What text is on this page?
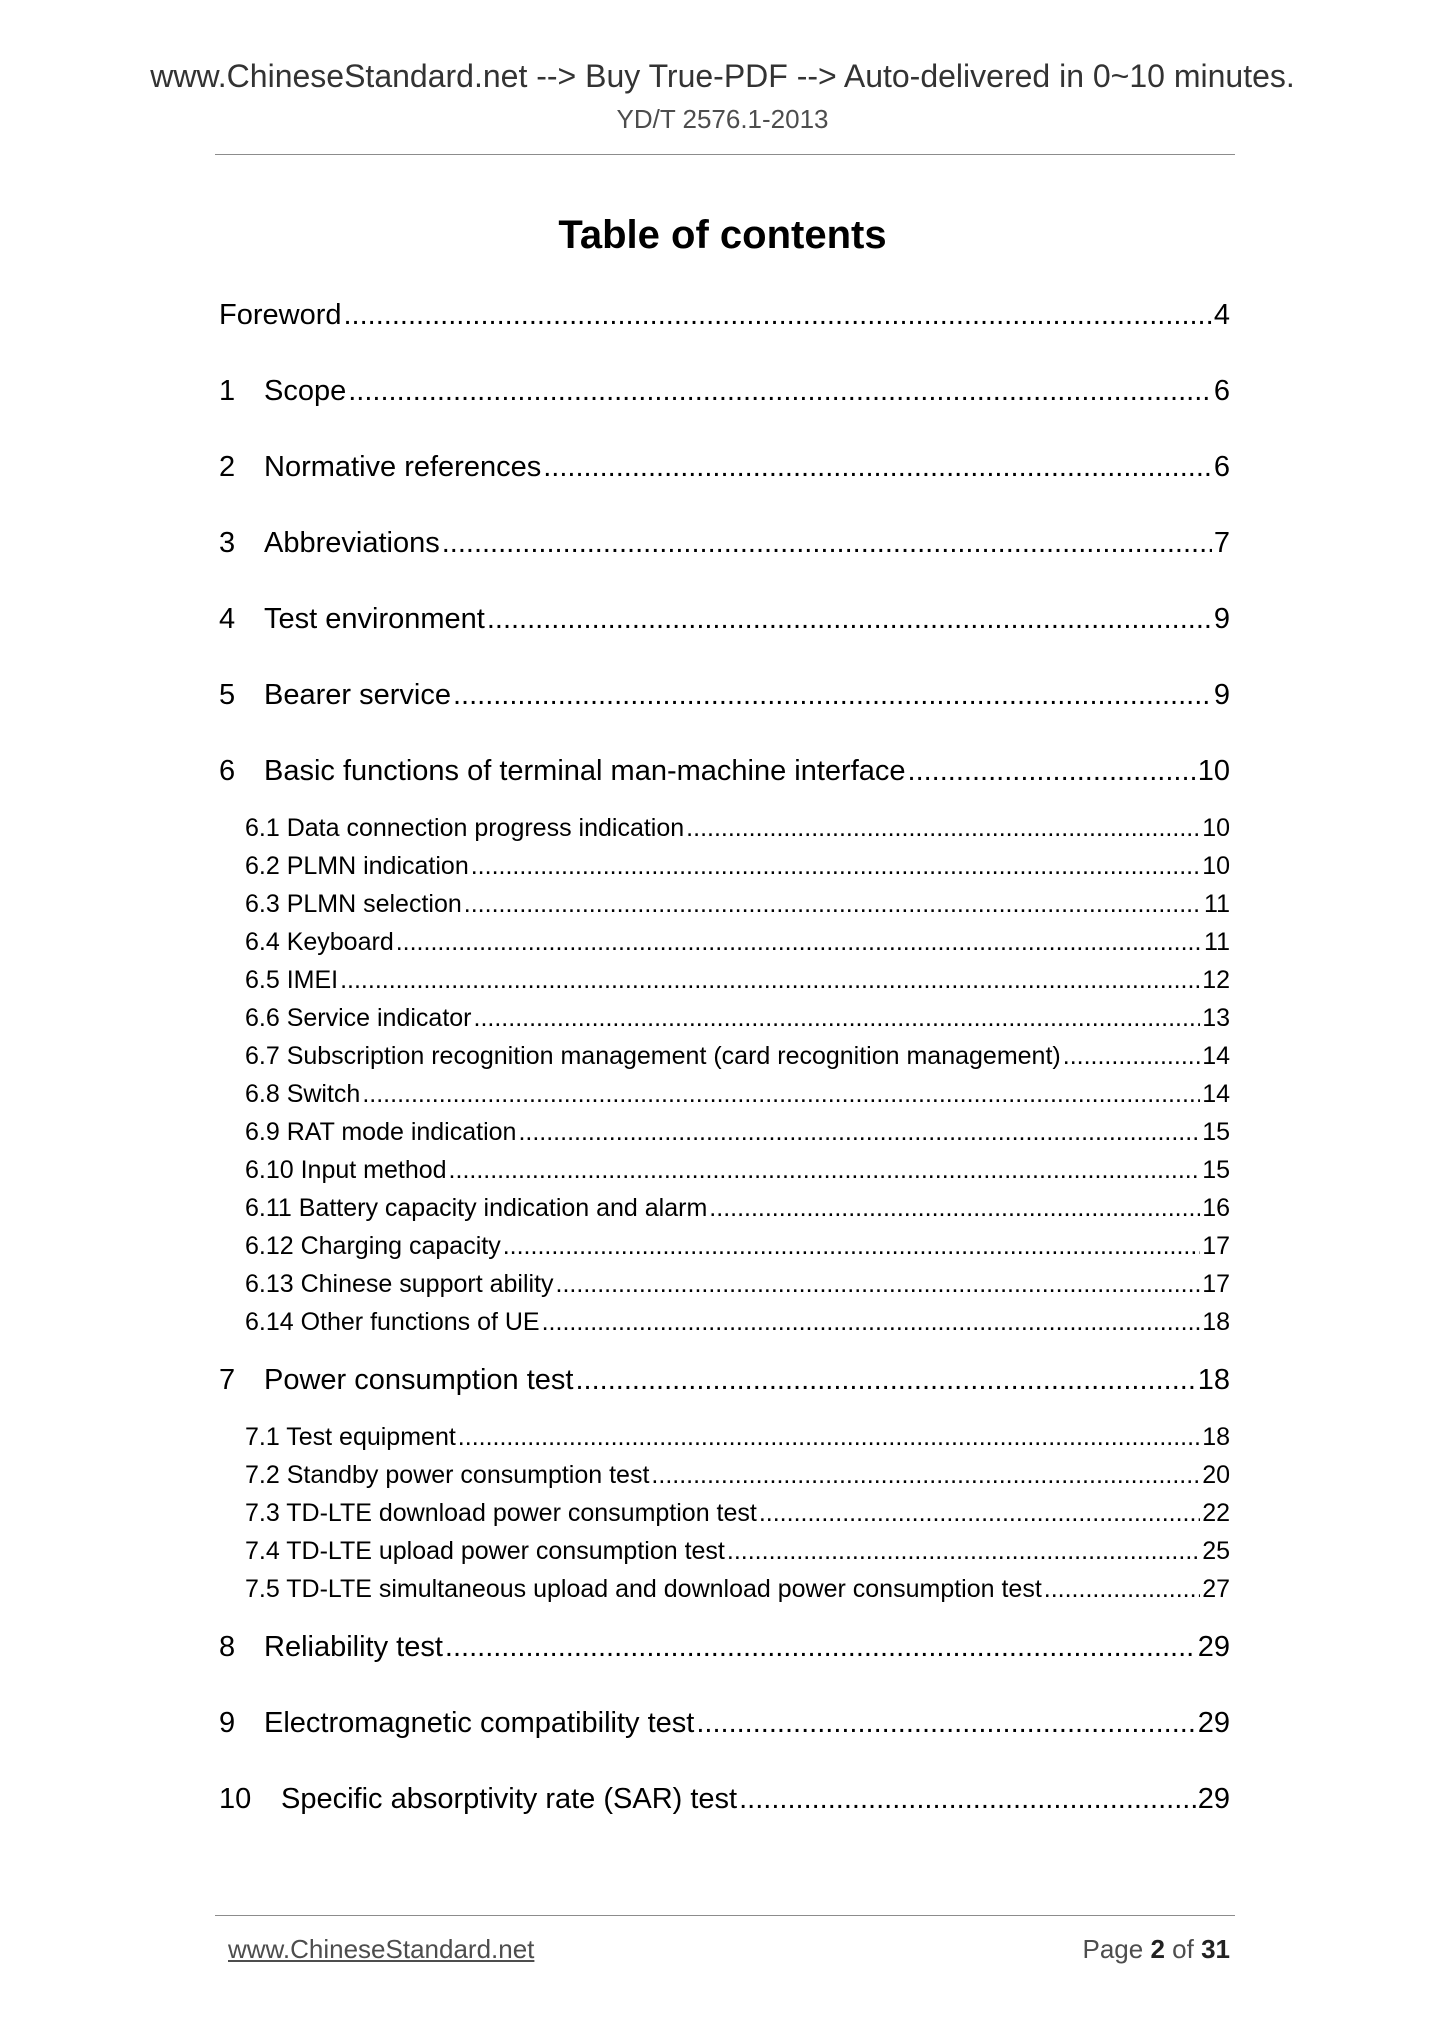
www.ChineseStandard.net --> Buy True-PDF --> Auto-delivered in 0~10 minutes.
YD/T 2576.1-2013
Table of contents
Foreword .....	4
1 Scope .....	6
2 Normative references .....	6
3 Abbreviations .....	7
4 Test environment .....	9
5 Bearer service .....	9
6 Basic functions of terminal man-machine interface .....	10
6.1 Data connection progress indication .....	10
6.2 PLMN indication .....	10
6.3 PLMN selection .....	11
6.4 Keyboard .....	11
6.5 IMEI .....	12
6.6 Service indicator .....	13
6.7 Subscription recognition management (card recognition management) .....	14
6.8 Switch .....	14
6.9 RAT mode indication .....	15
6.10 Input method .....	15
6.11 Battery capacity indication and alarm .....	16
6.12 Charging capacity .....	17
6.13 Chinese support ability .....	17
6.14 Other functions of UE .....	18
7 Power consumption test .....	18
7.1 Test equipment .....	18
7.2 Standby power consumption test .....	20
7.3 TD-LTE download power consumption test .....	22
7.4 TD-LTE upload power consumption test .....	25
7.5 TD-LTE simultaneous upload and download power consumption test .....	27
8 Reliability test .....	29
9 Electromagnetic compatibility test .....	29
10	Specific absorptivity rate (SAR) test .....	29
www.ChineseStandard.net	Page 2 of 31
